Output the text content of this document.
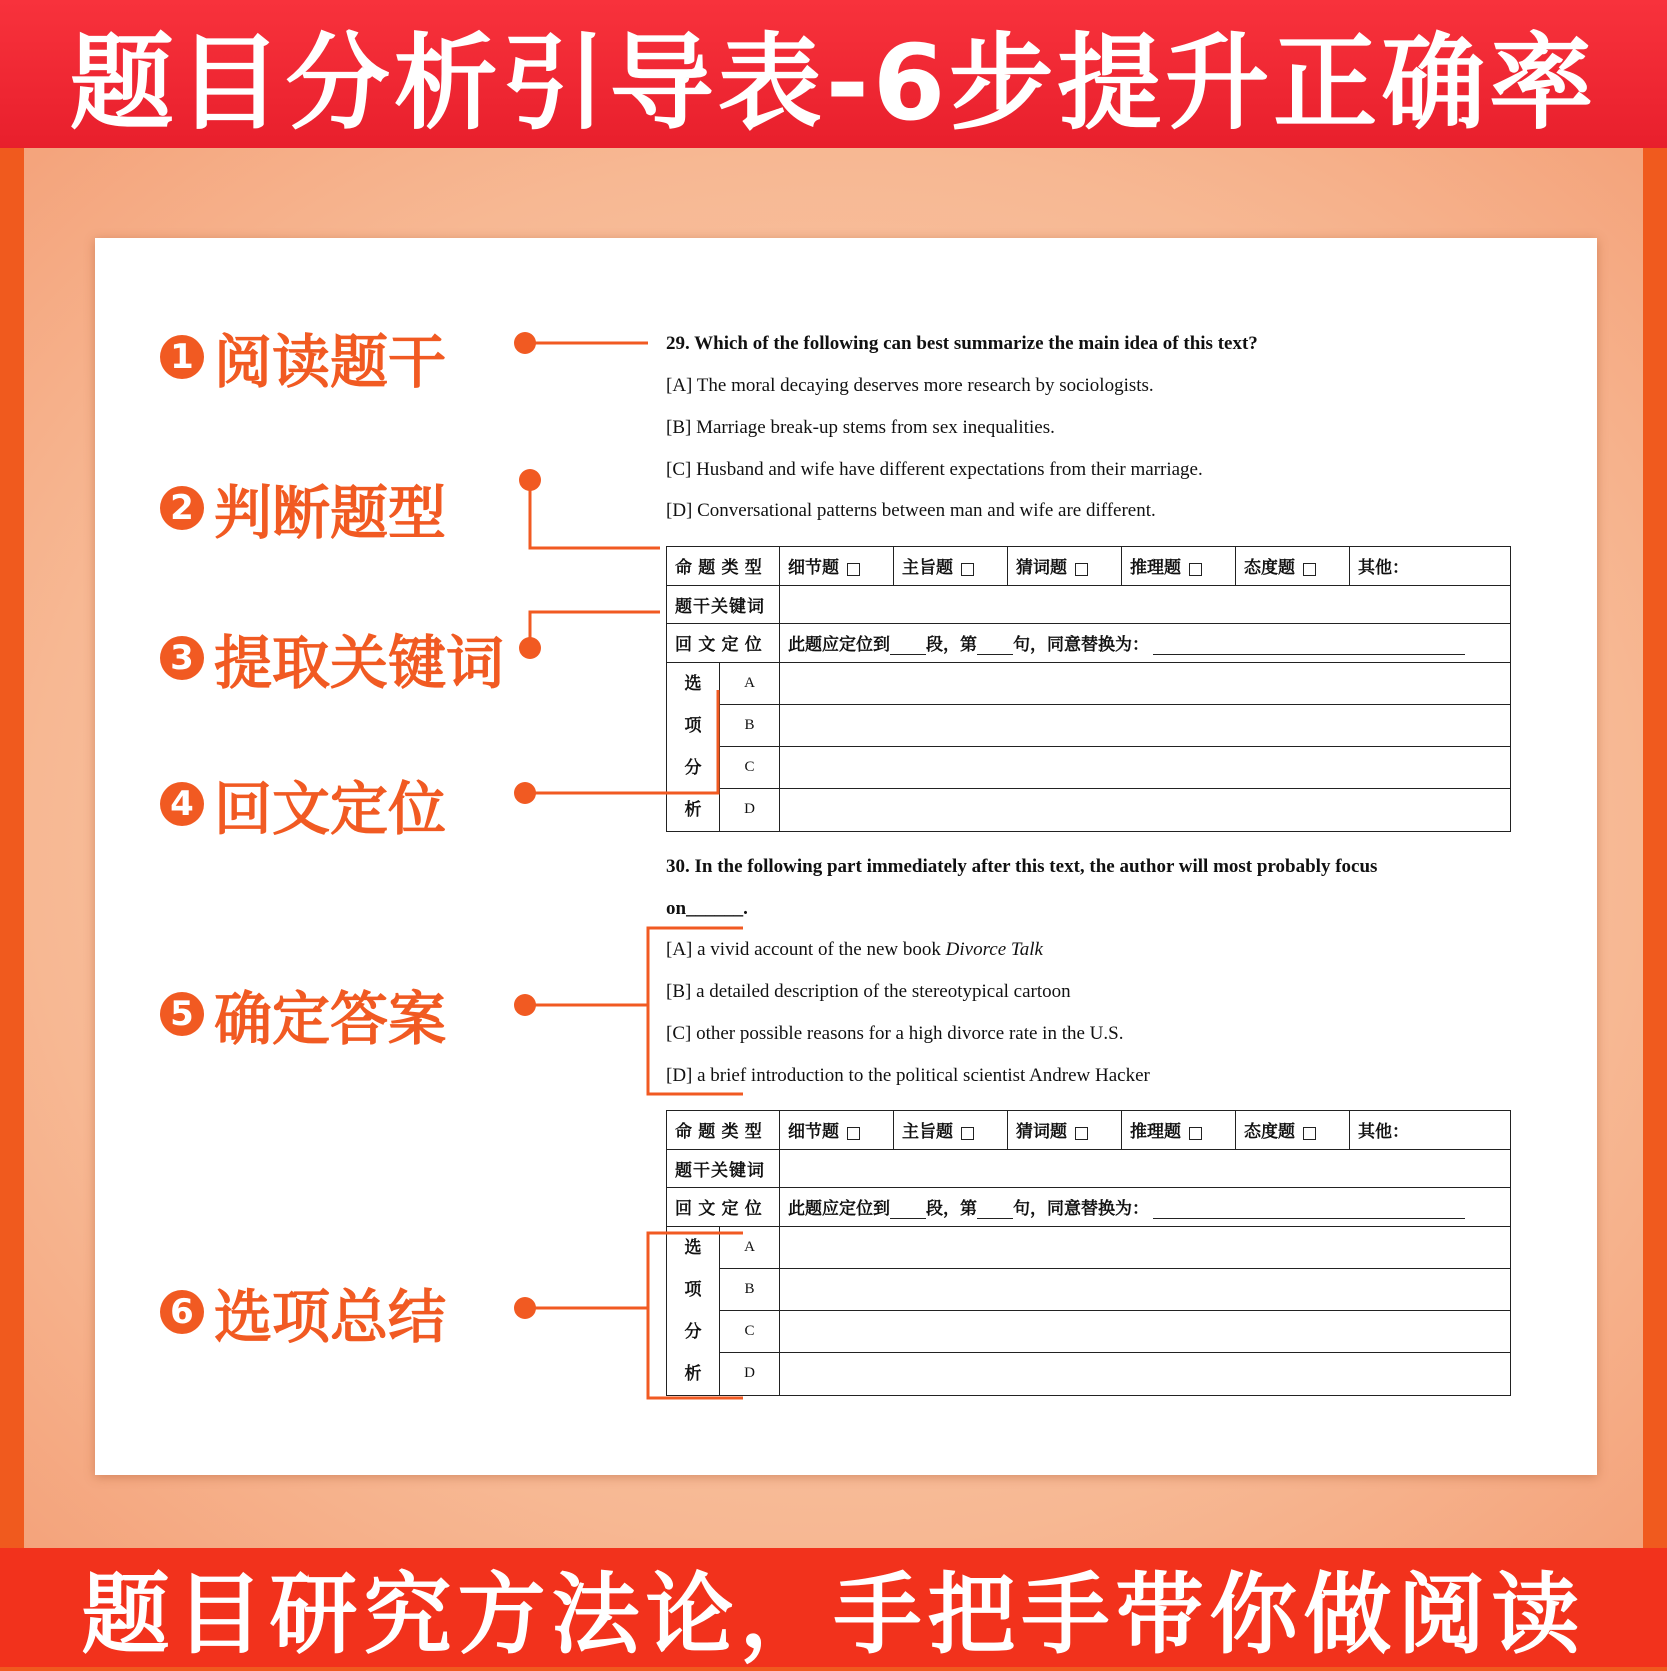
题目分析引导表-6步提升正确率
题目研究方法论，手把手带你做阅读
1 阅读题干
2 判断题型
3 提取关键词
4 回文定位
5 确定答案
6 选项总结
29. Which of the following can best summarize the main idea of this text?
[A] The moral decaying deserves more research by sociologists.
[B] Marriage break-up stems from sex inequalities.
[C] Husband and wife have different expectations from their marriage.
[D] Conversational patterns between man and wife are different.
命 题 类 型		细节题	主旨题	猜词题	推理题	态度题	其他：
题干关键词							
回 文 定 位		此题应定位到 段，第 句，同意替换为：					

选
项
分
析	A						
	B						
	C						
	D						
30. In the following part immediately after this text, the author will most probably focus
on______.
[A] a vivid account of the new book Divorce Talk
[B] a detailed description of the stereotypical cartoon
[C] other possible reasons for a high divorce rate in the U.S.
[D] a brief introduction to the political scientist Andrew Hacker
命 题 类 型		细节题	主旨题	猜词题	推理题	态度题	其他：
题干关键词							
回 文 定 位		此题应定位到 段，第 句，同意替换为：					

选
项
分
析	A						
	B						
	C						
	D						
